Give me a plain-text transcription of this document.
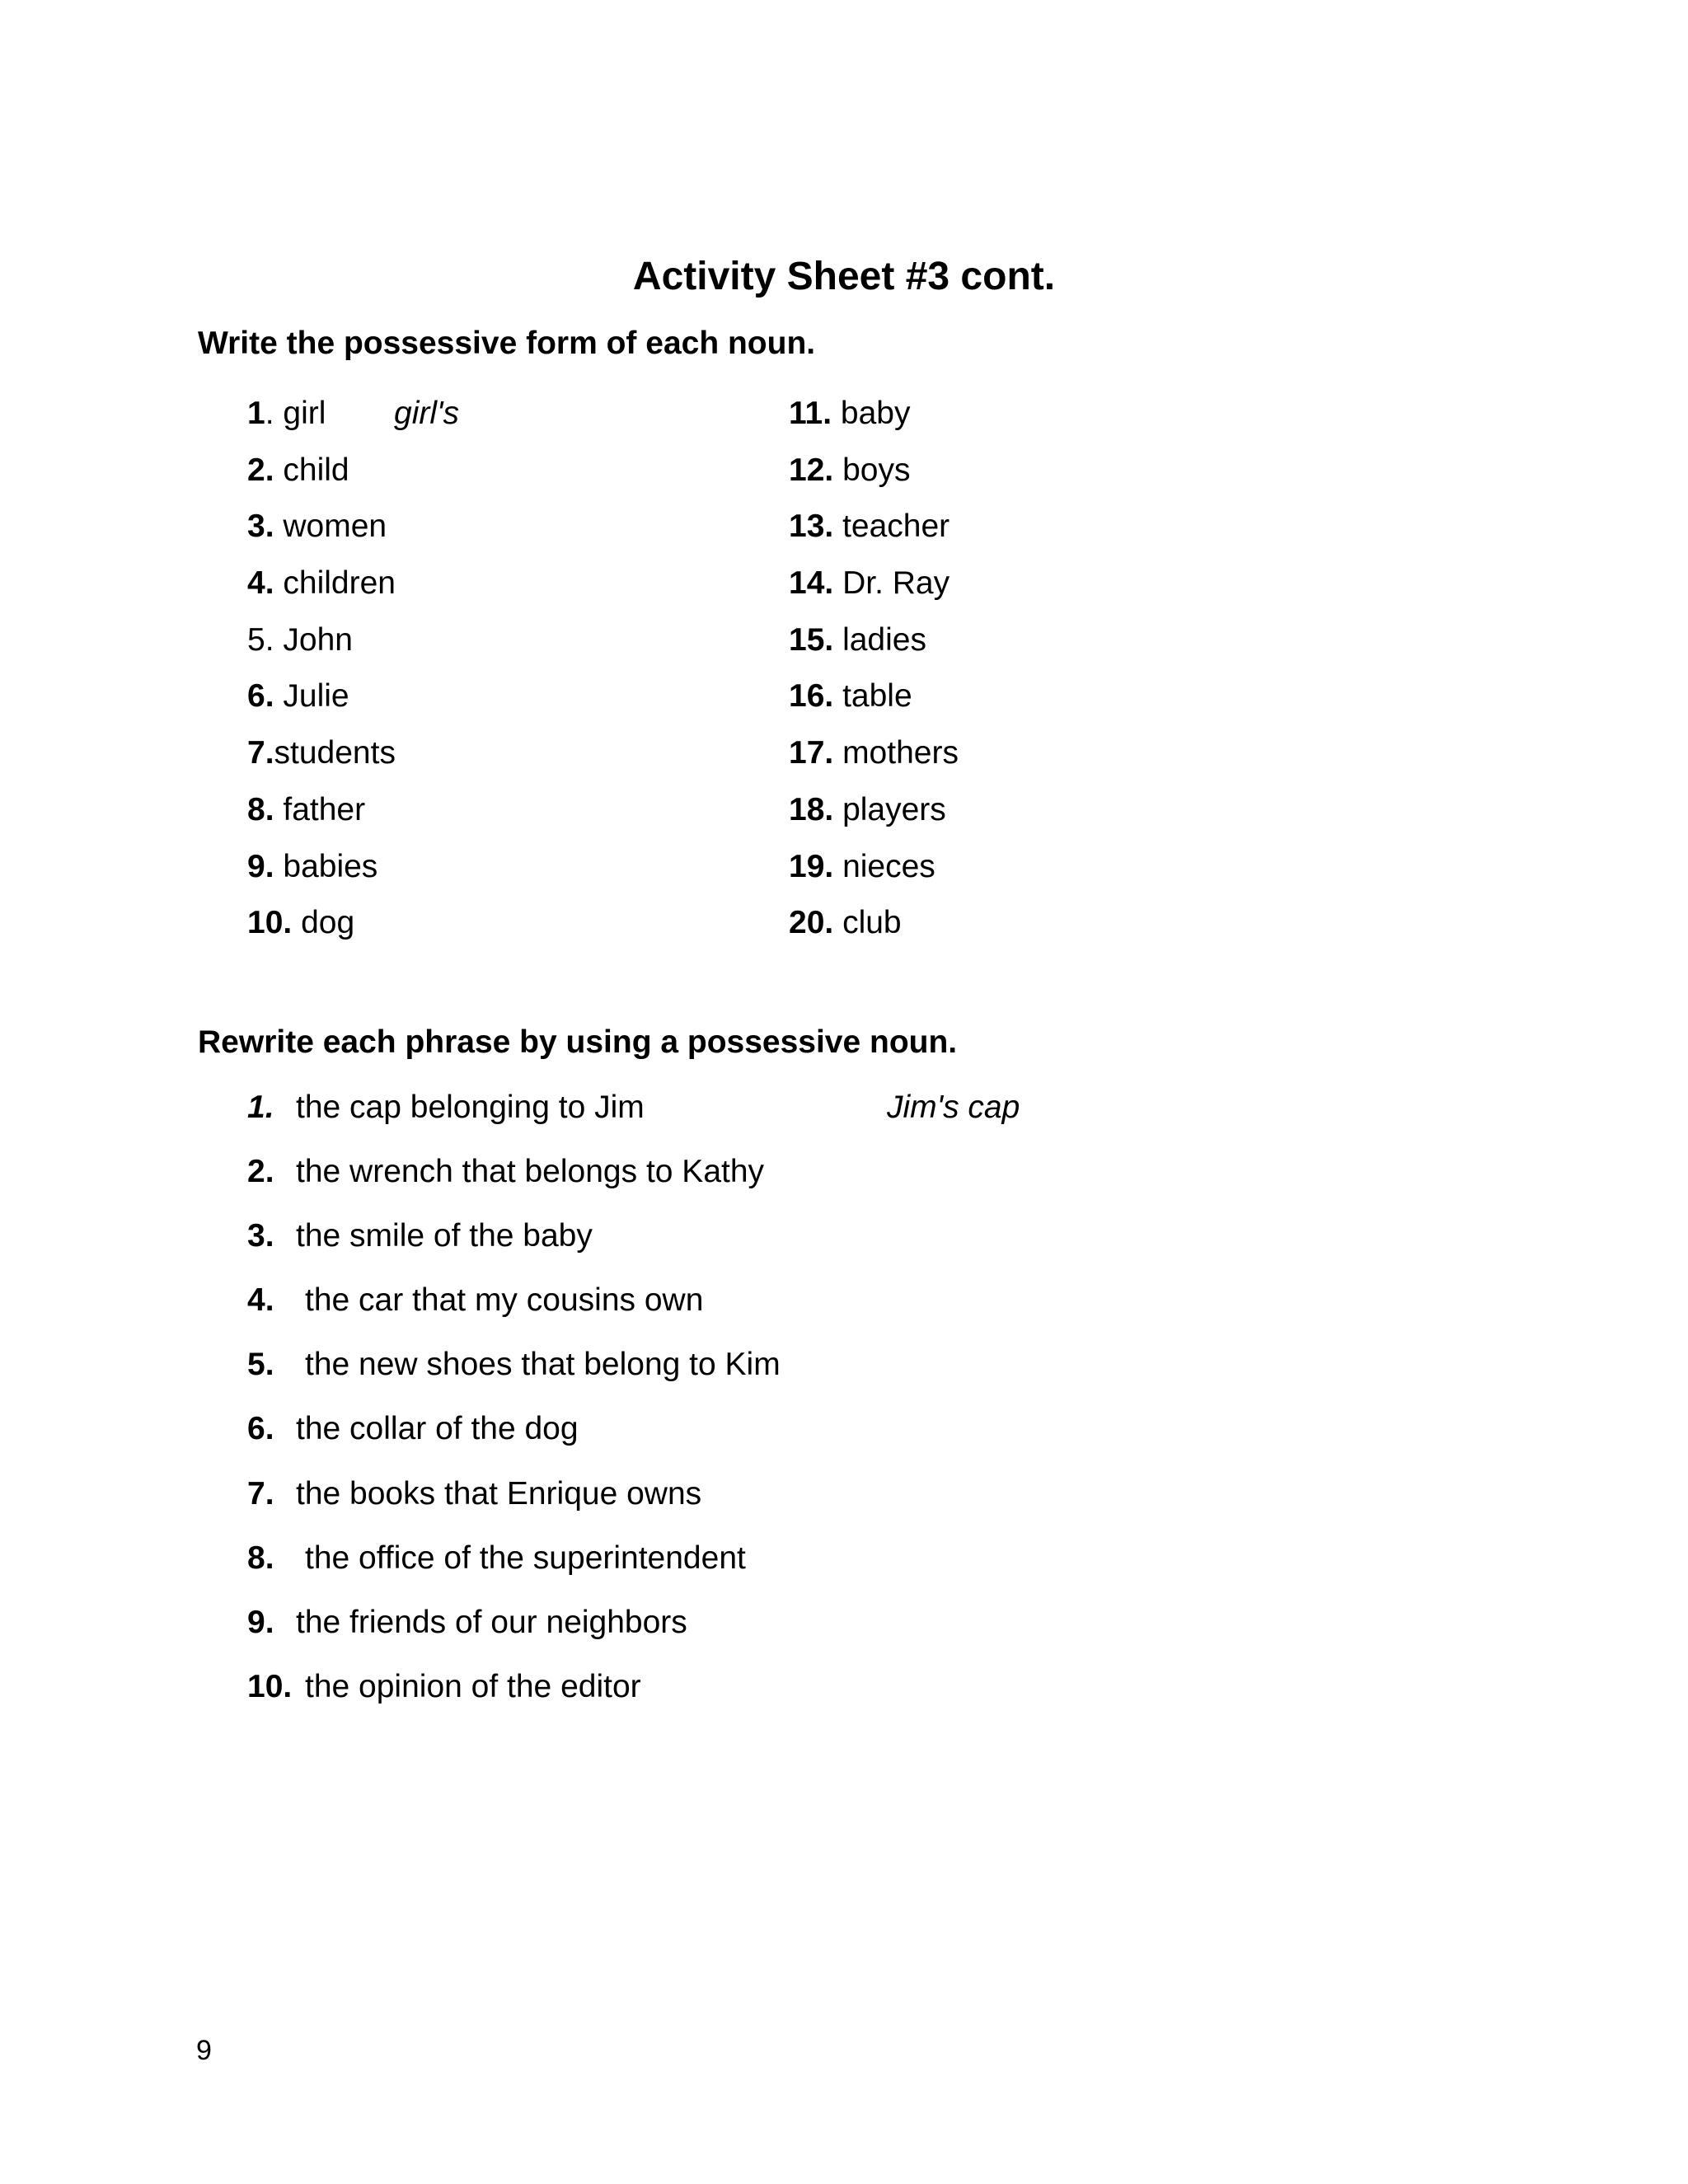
Activity Sheet #3 cont.
Write the possessive form of each noun.
1. girl girl's
2. child
3. women
4. children
5. John
6. Julie
7.students
8. father
9. babies
10. dog
11. baby
12. boys
13. teacher
14. Dr. Ray
15. ladies
16. table
17. mothers
18. players
19. nieces
20. club
Rewrite each phrase by using a possessive noun.
1. the cap belonging to Jim	Jim's cap
2. the wrench that belongs to Kathy
3. the smile of the baby
4. the car that my cousins own
5. the new shoes that belong to Kim
6. the collar of the dog
7. the books that Enrique owns
8. the office of the superintendent
9. the friends of our neighbors
10. the opinion of the editor

9
